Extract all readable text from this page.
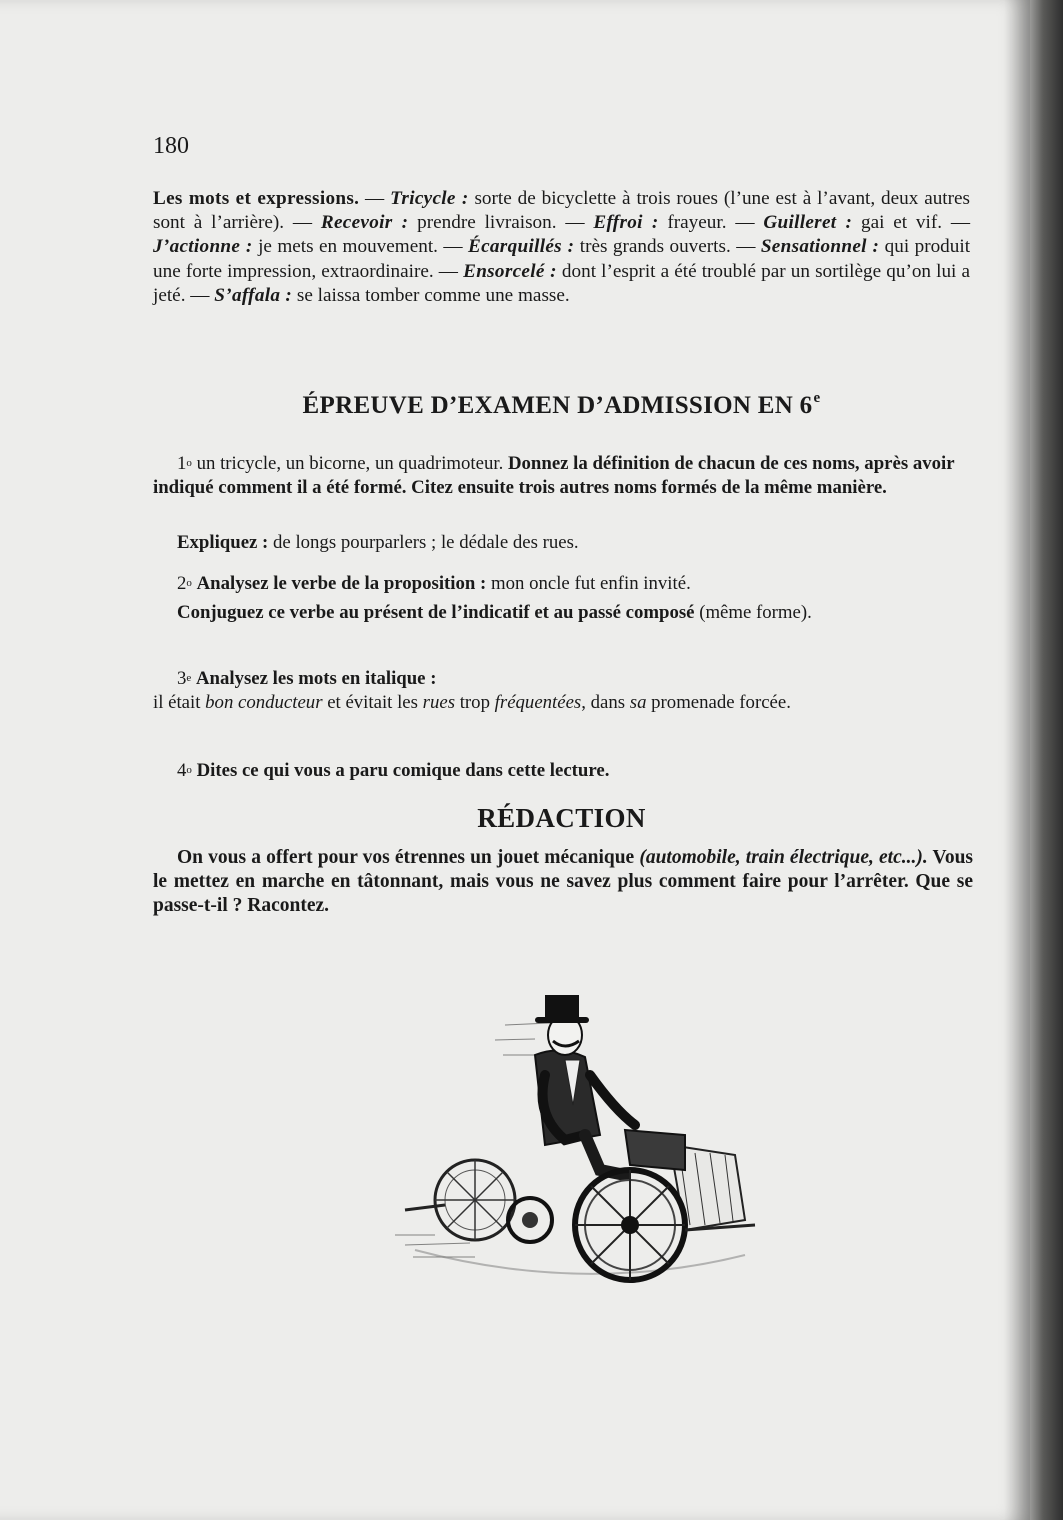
180
Les mots et expressions. — Tricycle : sorte de bicyclette à trois roues (l’une est à l’avant, deux autres sont à l’arrière). — Recevoir : prendre livraison. — Effroi : frayeur. — Guilleret : gai et vif. — J’actionne : je mets en mouvement. — Écarquillés : très grands ouverts. — Sensationnel : qui produit une forte impression, extraordinaire. — Ensorcelé : dont l’esprit a été troublé par un sortilège qu’on lui a jeté. — S’affala : se laissa tomber comme une masse.
ÉPREUVE D’EXAMEN D’ADMISSION EN 6e
1$^o$ un tricycle, un bicorne, un quadrimoteur. Donnez la définition de chacun de ces noms, après avoir indiqué comment il a été formé. Citez ensuite trois autres noms formés de la même manière.
Expliquez : de longs pourparlers ; le dédale des rues.
2$^o$ Analysez le verbe de la proposition : mon oncle fut enfin invité.
Conjuguez ce verbe au présent de l’indicatif et au passé composé (même forme).
3e Analysez les mots en italique :
il était bon conducteur et évitait les rues trop fréquentées, dans sa promenade forcée.
4$^o$ Dites ce qui vous a paru comique dans cette lecture.
RÉDACTION
On vous a offert pour vos étrennes un jouet mécanique (automobile, train électrique, etc...). Vous le mettez en marche en tâtonnant, mais vous ne savez plus comment faire pour l’arrêter. Que se passe-t-il ? Racontez.
